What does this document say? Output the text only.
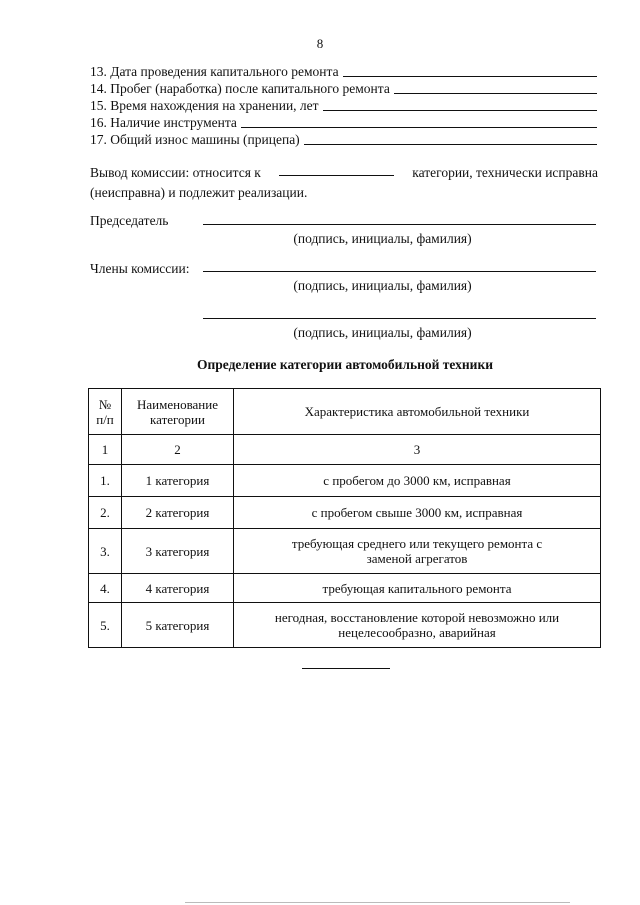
8
13. Дата проведения капитального ремонта
14. Пробег (наработка) после капитального ремонта
15. Время нахождения на хранении, лет
16. Наличие инструмента
17. Общий износ машины (прицепа)
Вывод комиссии: относится к	категории, технически исправна
(неисправна) и подлежит реализации.
Председатель
(подпись, инициалы, фамилия)
Члены комиссии:
(подпись, инициалы, фамилия)
(подпись, инициалы, фамилия)
Определение категории автомобильной техники
№ п/п	Наименование категории	Характеристика автомобильной техники
1	2	3
1.	1 категория	с пробегом до 3000 км, исправная
2.	2 категория	с пробегом свыше 3000 км, исправная
3.	3 категория	требующая среднего или текущего ремонта с заменой агрегатов
4.	4 категория	требующая капитального ремонта
5.	5 категория	негодная, восстановление которой невозможно или нецелесообразно, аварийная
